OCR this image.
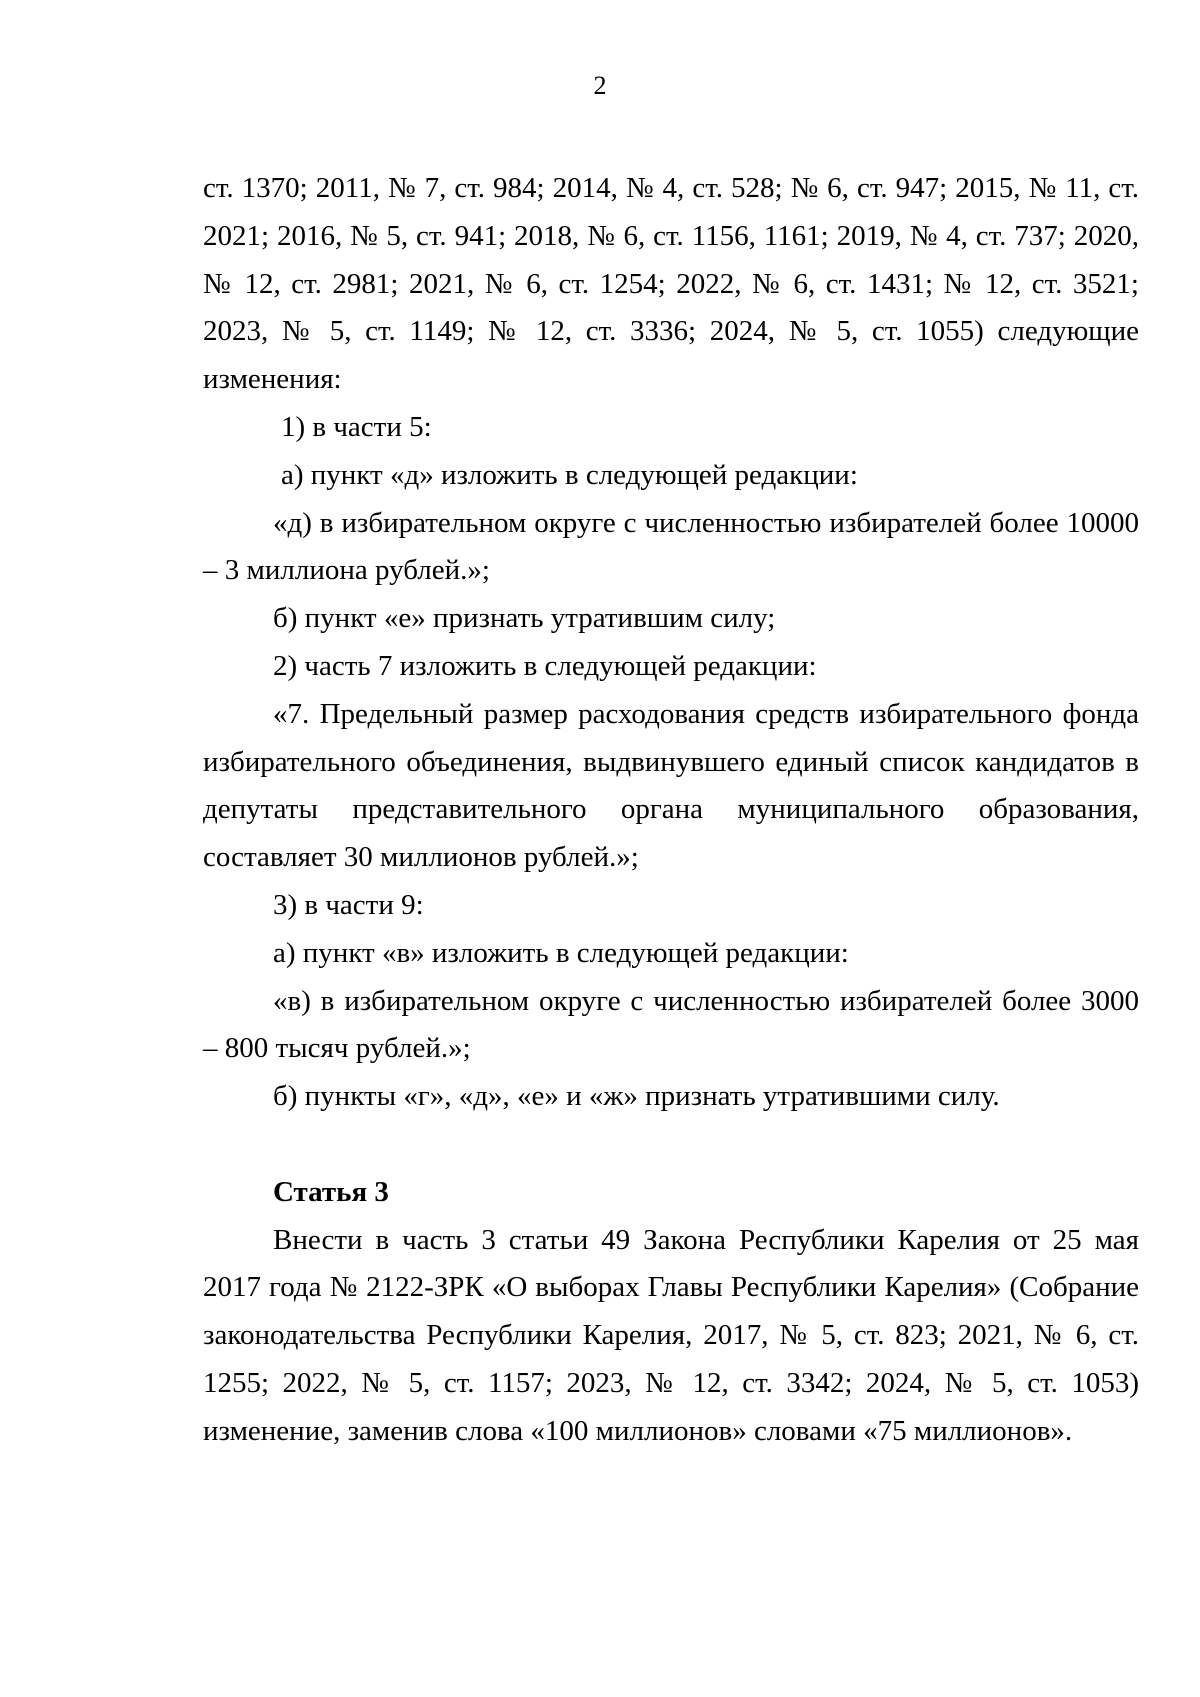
2

ст. 1370; 2011, № 7, ст. 984; 2014, № 4, ст. 528; № 6, ст. 947; 2015, № 11, ст. 2021; 2016, № 5, ст. 941; 2018, № 6, ст. 1156, 1161; 2019, № 4, ст. 737; 2020, № 12, ст. 2981; 2021, № 6, ст. 1254; 2022, № 6, ст. 1431; № 12, ст. 3521; 2023, № 5, ст. 1149; № 12, ст. 3336; 2024, № 5, ст. 1055) следующие изменения:

1) в части 5:

а) пункт «д» изложить в следующей редакции:

«д) в избирательном округе с численностью избирателей более 10000 – 3 миллиона рублей.»;

б) пункт «е» признать утратившим силу;

2) часть 7 изложить в следующей редакции:

«7. Предельный размер расходования средств избирательного фонда избирательного объединения, выдвинувшего единый список кандидатов в депутаты представительного органа муниципального образования, составляет 30 миллионов рублей.»;

3) в части 9:

а) пункт «в» изложить в следующей редакции:

«в) в избирательном округе с численностью избирателей более 3000 – 800 тысяч рублей.»;

б) пункты «г», «д», «е» и «ж» признать утратившими силу.

Статья 3

Внести в часть 3 статьи 49 Закона Республики Карелия от 25 мая 2017 года № 2122-ЗРК «О выборах Главы Республики Карелия» (Собрание законодательства Республики Карелия, 2017, № 5, ст. 823; 2021, № 6, ст. 1255; 2022, № 5, ст. 1157; 2023, № 12, ст. 3342; 2024, № 5, ст. 1053) изменение, заменив слова «100 миллионов» словами «75 миллионов».
